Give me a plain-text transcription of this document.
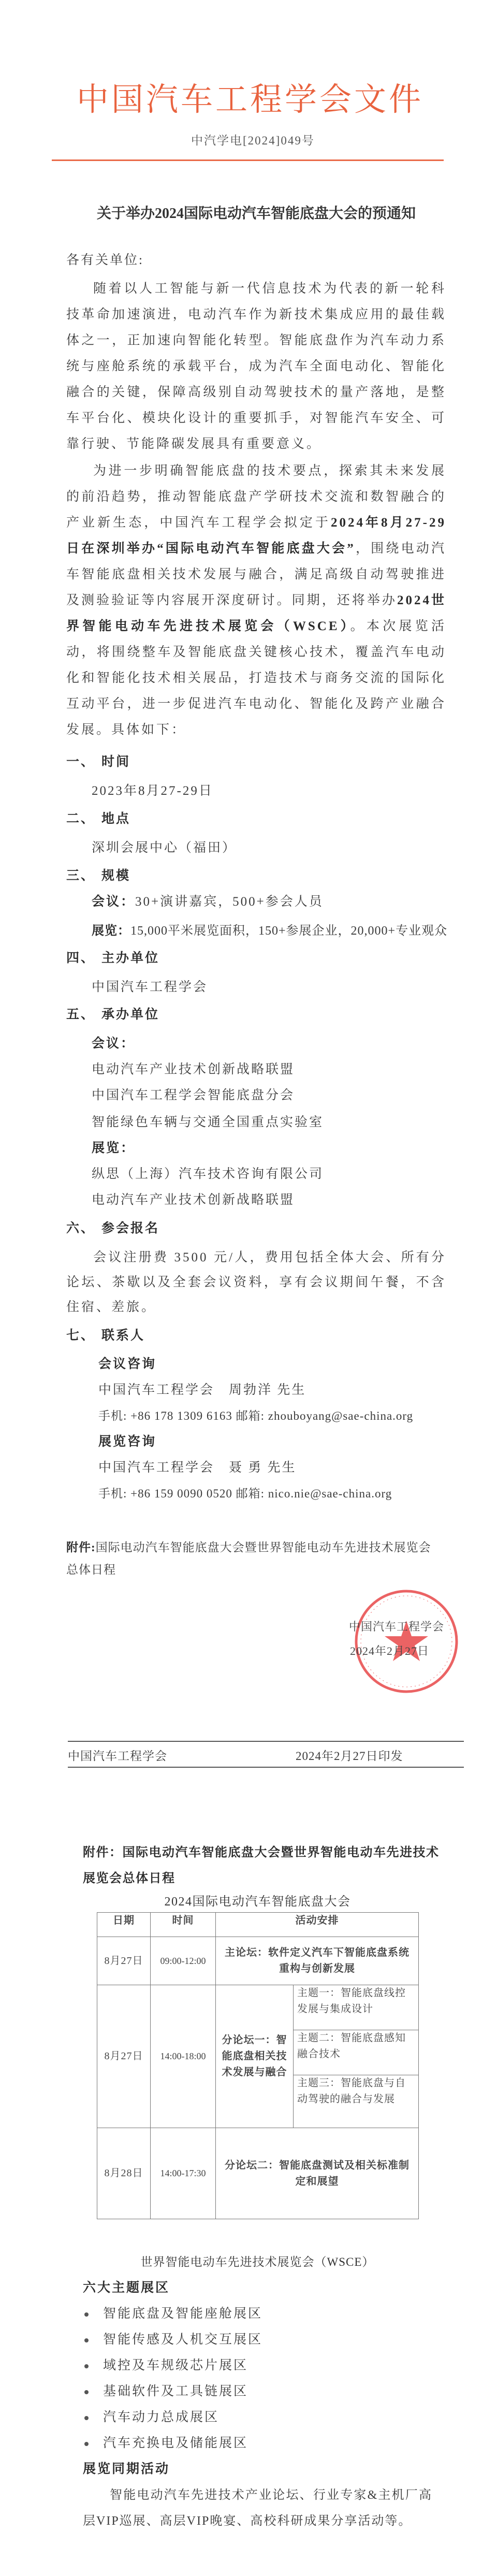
中国汽车工程学会文件
中汽学电[2024]049号
关于举办2024国际电动汽车智能底盘大会的预通知
各有关单位:

随着以人工智能与新一代信息技术为代表的新一轮科技革命加速演进，电动汽车作为新技术集成应用的最佳载体之一，正加速向智能化转型。智能底盘作为汽车动力系统与座舱系统的承载平台，成为汽车全面电动化、智能化融合的关键，保障高级别自动驾驶技术的量产落地，是整车平台化、模块化设计的重要抓手，对智能汽车安全、可靠行驶、节能降碳发展具有重要意义。

为进一步明确智能底盘的技术要点，探索其未来发展的前沿趋势，推动智能底盘产学研技术交流和数智融合的产业新生态，中国汽车工程学会拟定于2024年8月27-29日在深圳举办“国际电动汽车智能底盘大会”，围绕电动汽车智能底盘相关技术发展与融合，满足高级自动驾驶推进及测验验证等内容展开深度研讨。同期，还将举办2024世界智能电动车先进技术展览会（WSCE）。本次展览活动，将围绕整车及智能底盘关键核心技术，覆盖汽车电动化和智能化技术相关展品，打造技术与商务交流的国际化互动平台，进一步促进汽车电动化、智能化及跨产业融合发展。具体如下：

一、 时间
2023年8月27-29日
二、 地点
深圳会展中心（福田）
三、 规模
会议：30+演讲嘉宾，500+参会人员
展览：15,000平米展览面积，150+参展企业，20,000+专业观众
四、 主办单位
中国汽车工程学会
五、 承办单位
会议：
电动汽车产业技术创新战略联盟
中国汽车工程学会智能底盘分会
智能绿色车辆与交通全国重点实验室
展览：
纵思（上海）汽车技术咨询有限公司
电动汽车产业技术创新战略联盟
六、 参会报名

会议注册费 3500 元/人，费用包括全体大会、所有分论坛、茶歇以及全套会议资料，享有会议期间午餐，不含住宿、差旅。

七、 联系人
会议咨询
中国汽车工程学会　周勃洋 先生
手机: +86 178 1309 6163 邮箱: zhouboyang@sae-china.org
展览咨询
中国汽车工程学会　聂 勇 先生
手机: +86 159 0090 0520 邮箱: nico.nie@sae-china.org
附件:国际电动汽车智能底盘大会暨世界智能电动车先进技术展览会
总体日程
中国汽车工程学会
2024年2月27日
中国汽车工程学会	2024年2月27日印发
附件：国际电动汽车智能底盘大会暨世界智能电动车先进技术
展览会总体日程
2024国际电动汽车智能底盘大会
日期	时间	活动安排	
8月27日	09:00-12:00	主论坛：软件定义汽车下智能底盘系统重构与创新发展	
8月27日	14:00-18:00	分论坛一：智能底盘相关技术发展与融合	主题一：智能底盘线控发展与集成设计
			主题二：智能底盘感知融合技术
			主题三：智能底盘与自动驾驶的融合与发展
8月28日	14:00-17:30	分论坛二：智能底盘测试及相关标准制定和展望	
世界智能电动车先进技术展览会（WSCE）
六大主题展区
智能底盘及智能座舱展区
智能传感及人机交互展区
域控及车规级芯片展区
基础软件及工具链展区
汽车动力总成展区
汽车充换电及储能展区
展览同期活动

智能电动汽车先进技术产业论坛、行业专家&主机厂高层VIP巡展、高层VIP晚宴、高校科研成果分享活动等。
